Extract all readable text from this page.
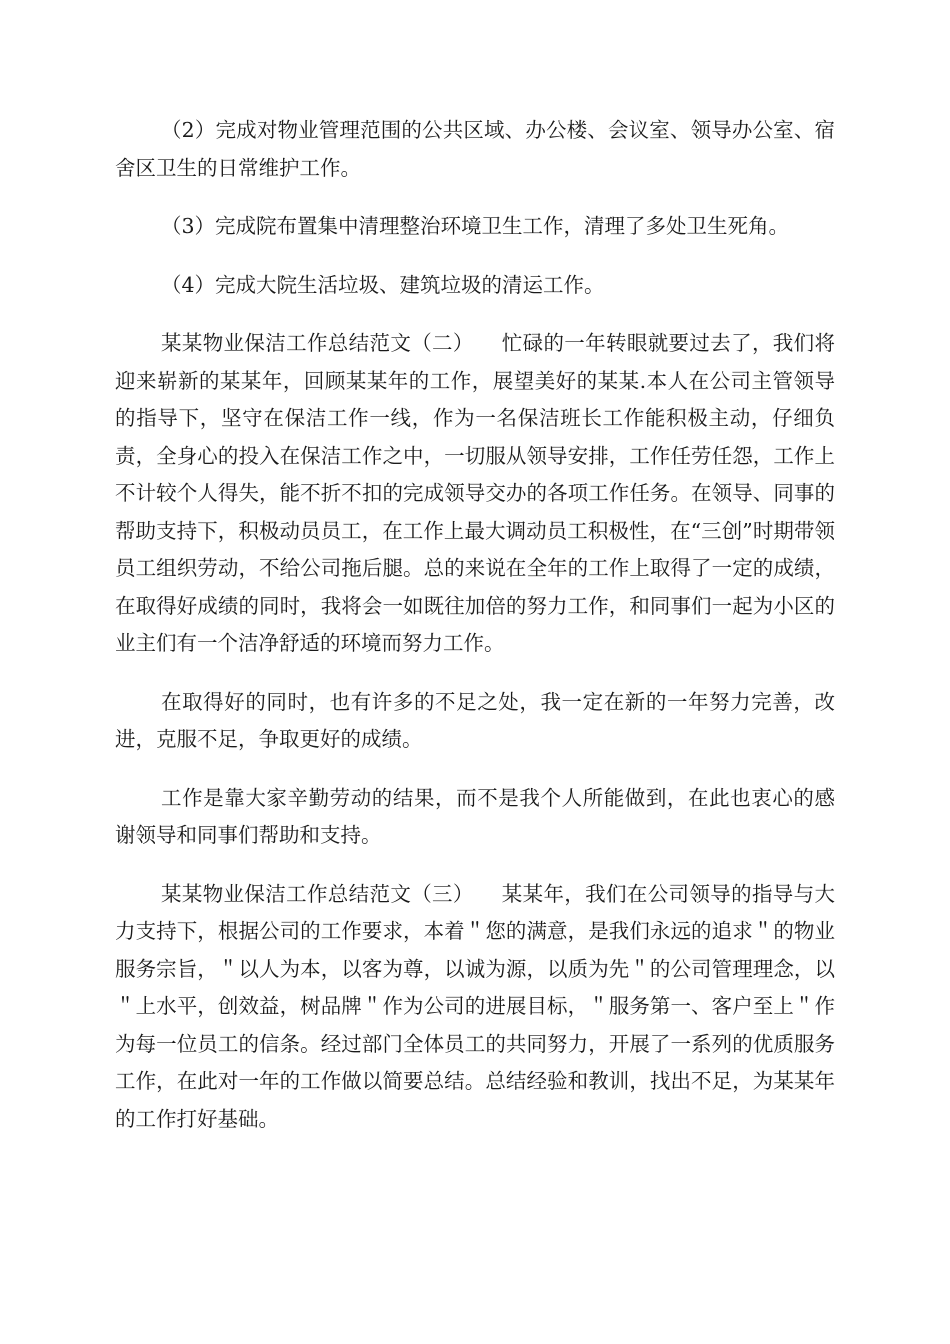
（2）完成对物业管理范围的公共区域、办公楼、会议室、领导办公室、宿舍区卫生的日常维护工作。

（3）完成院布置集中清理整治环境卫生工作，清理了多处卫生死角。

（4）完成大院生活垃圾、建筑垃圾的清运工作。

某某物业保洁工作总结范文（二） 忙碌的一年转眼就要过去了，我们将迎来崭新的某某年，回顾某某年的工作，展望美好的某某.本人在公司主管领导的指导下，坚守在保洁工作一线，作为一名保洁班长工作能积极主动，仔细负责，全身心的投入在保洁工作之中，一切服从领导安排，工作任劳任怨，工作上不计较个人得失，能不折不扣的完成领导交办的各项工作任务。在领导、同事的帮助支持下，积极动员员工，在工作上最大调动员工积极性，在“三创”时期带领员工组织劳动，不给公司拖后腿。总的来说在全年的工作上取得了一定的成绩，在取得好成绩的同时，我将会一如既往加倍的努力工作，和同事们一起为小区的业主们有一个洁净舒适的环境而努力工作。

在取得好的同时，也有许多的不足之处，我一定在新的一年努力完善，改进，克服不足，争取更好的成绩。

工作是靠大家辛勤劳动的结果，而不是我个人所能做到，在此也衷心的感谢领导和同事们帮助和支持。

某某物业保洁工作总结范文（三） 某某年，我们在公司领导的指导与大力支持下，根据公司的工作要求，本着＂您的满意，是我们永远的追求＂的物业服务宗旨，＂以人为本，以客为尊，以诚为源，以质为先＂的公司管理理念，以＂上水平，创效益，树品牌＂作为公司的进展目标，＂服务第一、客户至上＂作为每一位员工的信条。经过部门全体员工的共同努力，开展了一系列的优质服务工作，在此对一年的工作做以简要总结。总结经验和教训，找出不足，为某某年的工作打好基础。
